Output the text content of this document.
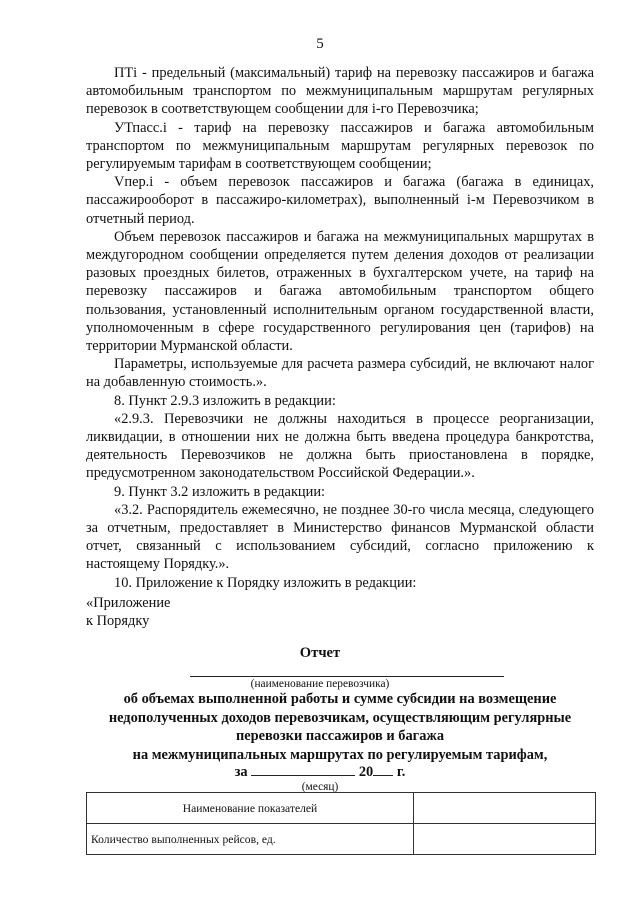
5

ПТi - предельный (максимальный) тариф на перевозку пассажиров и багажа автомобильным транспортом по межмуниципальным маршрутам регулярных перевозок в соответствующем сообщении для i-го Перевозчика;

УТпасс.i - тариф на перевозку пассажиров и багажа автомобильным транспортом по межмуниципальным маршрутам регулярных перевозок по регулируемым тарифам в соответствующем сообщении;

Vпер.i - объем перевозок пассажиров и багажа (багажа в единицах, пассажирооборот в пассажиро-километрах), выполненный i-м Перевозчиком в отчетный период.

Объем перевозок пассажиров и багажа на межмуниципальных маршрутах в междугородном сообщении определяется путем деления доходов от реализации разовых проездных билетов, отраженных в бухгалтерском учете, на тариф на перевозку пассажиров и багажа автомобильным транспортом общего пользования, установленный исполнительным органом государственной власти, уполномоченным в сфере государственного регулирования цен (тарифов) на территории Мурманской области.

Параметры, используемые для расчета размера субсидий, не включают налог на добавленную стоимость.».

8. Пункт 2.9.3 изложить в редакции:

«2.9.3. Перевозчики не должны находиться в процессе реорганизации, ликвидации, в отношении них не должна быть введена процедура банкротства, деятельность Перевозчиков не должна быть приостановлена в порядке, предусмотренном законодательством Российской Федерации.».

9. Пункт 3.2 изложить в редакции:

«3.2. Распорядитель ежемесячно, не позднее 30-го числа месяца, следующего за отчетным, предоставляет в Министерство финансов Мурманской области отчет, связанный с использованием субсидий, согласно приложению к настоящему Порядку.».

10. Приложение к Порядку изложить в редакции:

«Приложение
к Порядку

Отчет
(наименование перевозчика)
об объемах выполненной работы и сумме субсидии на возмещение
недополученных доходов перевозчикам, осуществляющим регулярные
перевозки пассажиров и багажа
на межмуниципальных маршрутах по регулируемым тарифам,
за	20 г.
(месяц)
Наименование показателей	
Количество выполненных рейсов, ед.	
